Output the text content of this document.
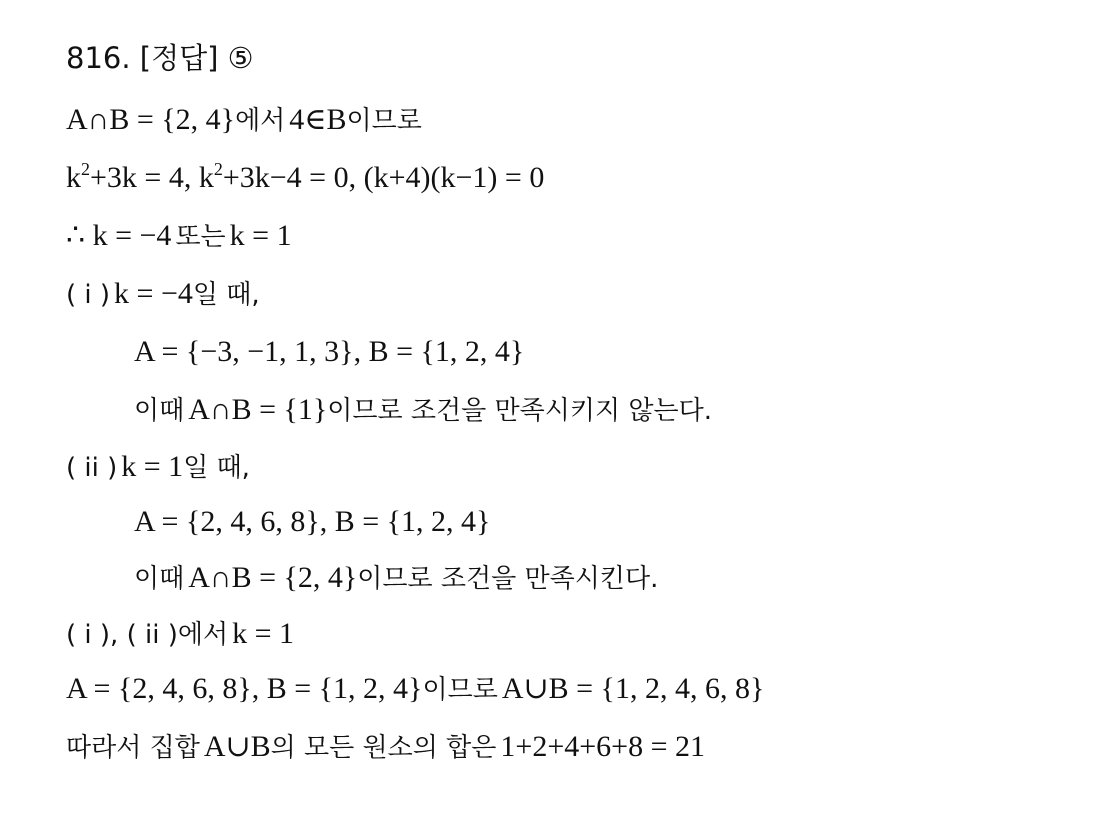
816. [정답] ⑤
A∩B = {2, 4}에서 4∈B이므로
$k^2+3k = 4$, $k^2+3k-4 = 0$, (k+4)(k−1) = 0
∴ k = −4 또는 k = 1
( i ) k = −4일 때,
A = {−3, −1, 1, 3}, B = {1, 2, 4}
이때 A∩B = {1}이므로 조건을 만족시키지 않는다.
( ii ) k = 1일 때,
A = {2, 4, 6, 8}, B = {1, 2, 4}
이때 A∩B = {2, 4}이므로 조건을 만족시킨다.
( i ), ( ii )에서 k = 1
A = {2, 4, 6, 8}, B = {1, 2, 4}이므로 A∪B = {1, 2, 4, 6, 8}
따라서 집합 A∪B의 모든 원소의 합은 1+2+4+6+8 = 21
